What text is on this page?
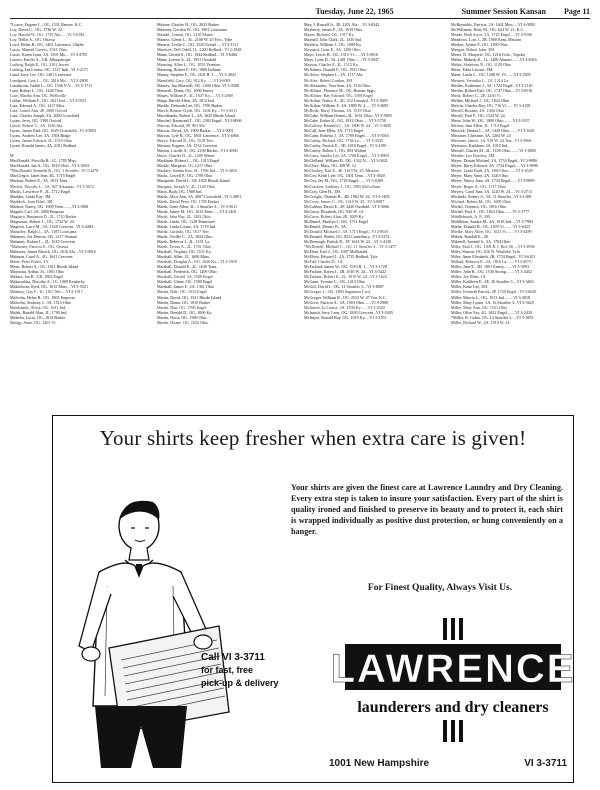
Tuesday, June 22, 1965	Summer Session Kansan Page 11
*Lowry, Eugene L., OG. 1531 Denver, K.C.
Loy, David C., OG. 1736 W. 22
Loy, Harold W., OG. 1719 Ala.......VI 3-0194
Loy, Nellie A., OG. Ottawa
Loyd, Helen R., OG. 1401 Lawrence, Olathe
Lucas, Manuel Cuervo, 1541 Ohio
Lucas, Karen Lynn, 3A. 1501 Mo.....VI 3-4705
Lucero, Emillo A., GR. Albuquerque
Ludwig, Ralph E., OG. 2101 Jewett
Ludwig, Jan Louise, OG. 1127 Indi...VI 3-2171
Lund, Jerry Lee, OG. 1401 Lawrence
Lundgren, Gary L., OG. 2616 Mo.....VI 3-2808
Lundstrom, Judith L., OG. 1336 N.Y.....VI 3-1711
Lunt, Robert L., OG. 1440 Ohio
Luse, Martha Ann, OG. Wellsville
Luther, William F., OG. 1621 Ind.....VI 3-0311
Lutz, Edward A., OG. 1417 Miss.
Lutz, Laurel Ann, 2P. 1600 Oxford
Lutz, Charles Joseph, 3A. 2000 Crossfield
Lyons, Jerry, OG. 1300 Oxford
Lynch, Robert C., 3A. 1616 Ala.
Lyons, James Paul, OG. 1629 Crossfield...VI 3-5061
Lyons, Andrew Lee, 3A. 1504 Ridge
Lyons, James Edward, 2L. 1519 Ohio
Lyons, Ronald James, 4A. 2101 Redbud

M
MacDonald, Priscilla B., 1G. 1705 Miss.
MacDonald, Ian A., OG. 1819 Ohio...VI 3-3654
*MacDonald, Kenneth R., OG. 1 Stouffer...VI 3-4278
MacGregor, Janet Jean, 4G. 1715 Engel
Mackan, Robert E., 3A. 1013 Tenn.
Mackie, Dorothy L., 3A. 927 Arkansas...VI 3-3672
Macks, Lawrence P., 2L. 1712 Engel
Madden, Linda Kay, 3M.
Maddock, Joan Ethel, 3M.
Madsen, Nancy, OG. 1609 Tenn.........VI 3-0061
Magath, Carl, 3A. 2000 Emporia
Magistro, Benjamin D., 2L. 1710 Barker
Magnuson, Robert L., OG. 1732 W. 24
Magoon, Larry M., 3A. 1520 Crescent...VI 3-4284
Mahaffey, Ralph L., 4A. 1305 Louisiana
Mahaney, Joe Denton, OG. 2117 Alumni
Mahaney, Robert L., 2L. 1615 Crescent
*Mahoney, Patricia E., OG. Ottawa
Mahoney, James Patrick, OG. 1616 Ala....VI 3-0016
Mahurin, Carol A., 4G. 1641 Crescent
Maier, Peter Fisher, 2A.
Maier, Robert A., OG. 1811 Rhode Island
Maiorana, Arthur, 3L. 1001 Ohio
Makara, Ian R., GR. 1802 Engel
Makarushka, Dorothy A., 1G. 1009 Kentucky
Makhdoom, Syed, OG. 1615 Mass....VI 3-5521
Malaney, Guy F., 1L. 1017 Mo.....VI 3-1917
Malcolm, Helen R., OG. 1801 Emporia
Malcolm, Anthony J., 3A. 1515 Ohio
Maldonado, Alicia, OG. 1611 Ind.
Malek, Ronald Alan, 1L. 1703 Ind.
Malerba, Lucia, OG. 1814 Barker
Maligy, Anne, OG. 1401 Vt.
Malone, Charles H., OG. 2025 Barker
Maloney, Gordon W., OG. 1801 Louisiana
Mandel, Lenore, OG. 1210 Maine
Maness, Glenn L., 3L. 2100 W. 25 Terr., Tybe
Maness, Leslie C., OG. 1520 Oread......VI 3-1111
Manlove, Dell Odell, 1L. 2200 Redbud...VI 2-1848
Mann, Gerald S., OG. 1944 Redbud....VI 3-6466
Mann, Lorene S., 4L. 1931 Ousdahl
Manning, Allen L., OG. 1033 Vermont
Manning, Robert F., OG. 1806 Indiana
Manny, Stephen F., OG. 2101 R. I. ....VI 3-4041
Mansfield, Gary, OG. 912 Ky........VI 3-6083
Mantey, Jon Maxwell, OG. 1408 Ohio..VI 3-3500
Manwell, Diana, OG. 1006 Emery
Mapes, William F., 4L. 1637 Ky......VI 3-2060
Mapp, Harold Allen, 3A. 1012 Ind.
Marble, Deborah Lee, OG. 1700 Barker
March, Ronnie Clyde, OG. 1204 Ky....VI 3-4511
Marchbanks, Robert L., 4A. 1645 Rhode Island
Marchel, Raymond T., OG. 2302 Engel...VI 3-8006
Marcus, Edward, 5P. 901 Mo.
Marcus, David, 3A. 1900 Barker......VI 3-5001
Marcus, Lyle R., OG. 1801 Lawrence...VI 3-4066
Marcy, Edward R., OG. 1518 Terr.
Mariani, Eugene, 3A. 1531 Crescent
Marion, Lucille A., OG. 2100 Barker...VI 3-4050
Maris, Charles D., 2L. 1209 Maine
Markham, Robert L., OG. 1413 Engel
Markle, Margaret, 1G. 1217 Ohio
Markley, Sandra Kay, 4L. 1706 Ind.....VI 3-4010
Marks, Lowell P., OG. 1700 Ohio
Marquette, David J., 3A. 1825 Rhode Island
Marquez, Joseph V., 2L. 1120 Ohio
Marrs, Ruth, OG. 1900 Ind.
Marsh, Alice Ann, 3A. 2007 Crossfield...VI 3-2891
Marsh, David Peter, OG. 1705 Barker
Marsh, Gene Allen, 3L. 3 Stouffer 3....VI 3-5611
Marsh, James M., OG. 1613 Tenn.......VI 3-1401
Marsh, John Ray, 2L. 1202 Ohio
Marsh, Linda, OG. 1120 Tennessee
Marsh, Linda Louise, 3A. 1719 Ind.
Marsh, Lucinda, OG. 1617 Terr.
Marsh, Orville C., 2A. 1824 Ohio
Marsh, Rebecca J., 2L. 1101 La.
Marsh, Teresa A., 2L. 1701 Ohio
Marshall, Virginia, OG. 1511 Ky.
Marshall, Allen, 2L. 1600 Mass.
Marshall, Douglas A., OG. 1620 Ky....VI 3-1910
Marshall, Donald E., 2L. 1630 Tenn.
Marshall, Frederick, OG. 1209 Ohio
Marshall, Gerald, 3A. 1500 Engel
Marshall, Glenn, OG. 1500 Engel
Marshall, James F., 2A. 1301 Ohio
Martin, Dale, OG. 1612 Engel
Martin, David, OG. 1521 Rhode Island
Martin, Diana, OG. 1810 Barker
Martin, Don, OG. 1700 Engel
Martin, Donald D., OG. 1006 Ky.
Martin, Doris, OG. 1500 Ohio
Martin, Duane, OG. 1632 Ohio
May, J. Russell Jr., 3E. 2201 Ala.....VI 3-8242
Mayberry, James F., 3A. 1619 Ohio
Mayer, Richard, OG. 1917 Ky.
Mayhall, John Clark, 2L. 1410 Ind.
Mayhew, William J., OG. 1009 Ky.
Maynard, Gene E., 3A. 1200 Ohio
Mayo, Lewis H., OG. 1315 Vt.......VI 3-0016
Mays, Lynn D., 3A. 1401 Ohio.......VI 3-5047
Mayton, Charles P., 2L. 1512 Ky.
McAdams, Donald F., OG. 1921 Ohio
McAdoo, Stephen L., 3A. 1117 Ala.
McAfee, Robert Gordon, 3M.
McAlexander, Vera Jean, 3A. 1516 Ohio
McAllister, Florence M., OG. Bonner Spgs.
McAllister, Ray Edward, OG. 1500 Engel
McArthur, Nancy A., 4G. 312 Leonard...VI 3-3685
McArthur, William F., 4A. 1809 W. 4 .....VI 3-3685
McBride, Harry Thomas, 3A. 1519 Ohio
McCabe, William Dennis, 3L. 1631 Ohio...VI 3-5905
McCabe, Esther K., OG. 1812 Ohio......VI 3-5730
McCaffrey, Kenneth C., 3A. 1806 W. 24 ...VI 3-3850
McCall, Jane Ellen, 3A. 1713 Engel
McCann, Roberta J., 3A. 1700 Engel.......VI 3-5016
McCarthy, Richard, OG. 1734 La.......VI 3-4335
McCarthy, Patrick E., 3D. 1018 Engel...VI 3-2190
McCarthy, Robert J., OG. 803 Walnut
McCarty, Sandra Lee, 3A. 1700 Engel.....VI 3-8003
McClelland, William D., OG. 1332 N.....VI 3-0421
McClure, Mary, OG. 308 W. 12
McCluskey, Earl E., 4E. 1615 W. 25, Mission
McCoy, Keith Lyle, OG. 1301 Tenn.....VI 3-3920
McCoy, Jay M., OG. 1718 Engel........VI 3-0209
McCracken, Anthony J., OG. 1905 McCollum
McCray, Glen H., 3M.
McCreight, Thomas R., 4D. 1902 W. 24...VI 3-1405
McCrory, James C., OG. 1410 W. 25...VI 3-0087
McCubbin, David E., 2P. 2420 Ousdahl...VI 3-3066
McCurry, Elizabeth, OG. 926 W. 14
McCurry, Robert Alan, 2E. 1009 Ky.
McDaniel, Marilyn J., OG. 1731 Engel
McDaniel, Dennis B., 3A.
McDonald, Michael J., 3A. 1713 Engel...VI 3-0010
McDonald, Walter, OG. 823 Canterbury...VI 3-5272
McDonough, Patrick D., 3P. 1624 W. 23....VI 3-4130
*McDowell, Michael C., OG. 11 Stouffer 3....VI 3-1477
McElrea, Earl J., OG. 1007 McDonald
McElvey, Edward J., 2A. 1735 Redbud, Tyle
McFall, Charles D., 1A.
McFarland, James W., OG. 1510 R. I.....VI 3-1728
McFarlane, Karen J., 2B. 1016 W. 24....VI 3-3422
McFarlane, Robert E., 2L. 1910 W. 24...VI 3-1622
McGann, Yvonne C., OG. 1413 Ohio
McGill, David J., OG. 11 Stouffer 3....VI 3-8007
McGregor, J., OG. 1803 Sagamore Lwd.
McGregor, William R., OG. 2512 W. 47 Terr. K.C.
McGrew, Patricia A., 3A. 1003 Ohio.......VI 3-2900
McIntosh, Jo Louise, 2A. 1530 Ky.......VI 3-3320
McIntosh, Jerry Leon, OG. 1830 Crescent...VI 3-5205
McIntyre, Ronald Ray, OG. 1019 Ky.....VI 3-3701
McReynolds, Patricia, 2A. 1641 Miss.....VI 3-0803
McWilliams, Betty M., OG. 624 W. 21, K.C.
Meade, Beth Joyce, 3A. 1725 Engel.....VI 3-9106
Meadows, Lois J., 2B. 1900 Kent, Mission
Meeker, Arlene F., OG. 1300 Ohio
Meegan, Robert John, 3M.
Meers, D. Marjorie, OG. 1216 Colo., Topeka
Mehta, Mahesh K., 1L. 1400 Alumni........VI 3-8416
Mehta, Shrinivas N., OG. 1129 Ohio
Meier, Edna Lavone, 3M.
Meier, Linda L., OG. 1208 W. 19........VI 3-2395
Meisner, Veronika L., 2A. 1214 La.
Meitler, Katherine J., 3A. 1724 Engel...VI 3-3110
Meitler, Robert Earl, OG. 1747 Ohio....VI 3-0510
Meitz, Robert G., 2E. 2430 Vt.
Mellen, Michael J., OG. 1824 Ohio
Melvin, Charles Roy, OG. 716 Vt.......VI 3-4158
Merrill, Roxann, 4A. 1304 Ohio
Merrill, Paul F., OG. 1324 W. 24
Mertz, John W., OG. 1800 Ohio.........VI 3-3107
Merton, Jane Ellen, 1L. 1714 Engel
Messick, Dennis L., 3A. 1420 Ohio........VI 3-1610
Messmer, Christine, 3A. 1204 W. 24
Messmer, Janice, 1A. 919 W. 24 Terr...VI 3-5966
Meszaros, Kathleen, 3A. 1010 Ind.
Metcalf, Charles M., 2L. 1106 Ohio.........VI 3-0065
Metzler, Leo Dorothy, 3M.
Meyer, Dorian Michael, 2A. 1734 Engel...VI 3-9086
Meyer, Harry Edward, 4A. 1734 Engel......VI 3-9090
Meyer, Linda Ruth, 2A. 1500 Ohio.......VI 3-4529
Meyer, Mary Anne, 2A. 1320 Ohio
Meyer, Nancy Jean, 4A. 1734 Engel.......VI 3-9099
Meyer, Roger A., OG. 1717 Ohio
Meyers, Carol Ann, 3A. 1220 W. 24.....VI 3-2711
Michaels, Sidney S., 3A. 11 Stouffer...VI 3-1308
Michael, Robert M., OG. 1609 Ohio
Michel, Terrance, OG. 1816 Ohio
Michel, Paul A., OG. 1824 Ohio........VI 3-1777
Middlebrook, A. P., 3M.
Middleton, Sandra M., 4A. 1618 Ind.....VI 3-7984
Miehe, Donald H., OG. 1505 Vt.........VI 3-6423
Mielke, Mary Alice, OG. 1021 Vt........VI 3-4489
Mikels, Randall E., 2E.
Mikesell, Samuel S., 3A. 1704 Ohio
Miles, Paul J., OG. 1508 R. I. Box 38.....VI 3-4994
Miles, Sharon, OG. 616 N. Winfield, Tyla
Miley, Anne Elizabeth, 2B. 1734 Engel...VI 3-6101
Millard, Rebecca E., 2A. 1816 La........VI 3-4073
Miller, Jane E., 3D. 1901 Emery........VI 3-5093
Miller, John R., OG. 1530 Strong.........VI 3-4452
Miller, Joy Ellen, 1A.
Miller, Kathleen E., 4E. 26 Stouffer 3....VI 3-3463
Miller, Katie Lee, 3M.
Miller, Kenneth Patrick, 2P. 1730 Engel...VI 3-6620
Miller, Marcia L., OG. 1913 Ind.........VI 3-3818
Miller, Mary Lynne, 3A. 16 Stouffer 3...VI 3-5625
Miller, Mary Ann, OG. 1531 Ohio
Miller, Olive Fay, 4G. 1632 Engel........VI 3-2429
*Miller, R. Galen, OG. 14 Stouffer 3.....VI 3-1003
Miller, Richard W., 2A. 1910 W. 24
Your shirts keep fresher when extra care is given!
Your shirts are given the finest care at Lawrence Laundry and Dry Cleaning. Every extra step is taken to insure your satisfaction. Every part of the shirt is quality ironed and finished to preserve its beauty and to protect it, each shirt is wrapped individually as positive dust protection, or hung conveniently on a hanger.
For Finest Quality, Always Visit Us.
Call VI 3-3711
for fast, free
pick-up & delivery LAWRENCE
launderers and dry cleaners
1001 New Hampshire	VI 3-3711
